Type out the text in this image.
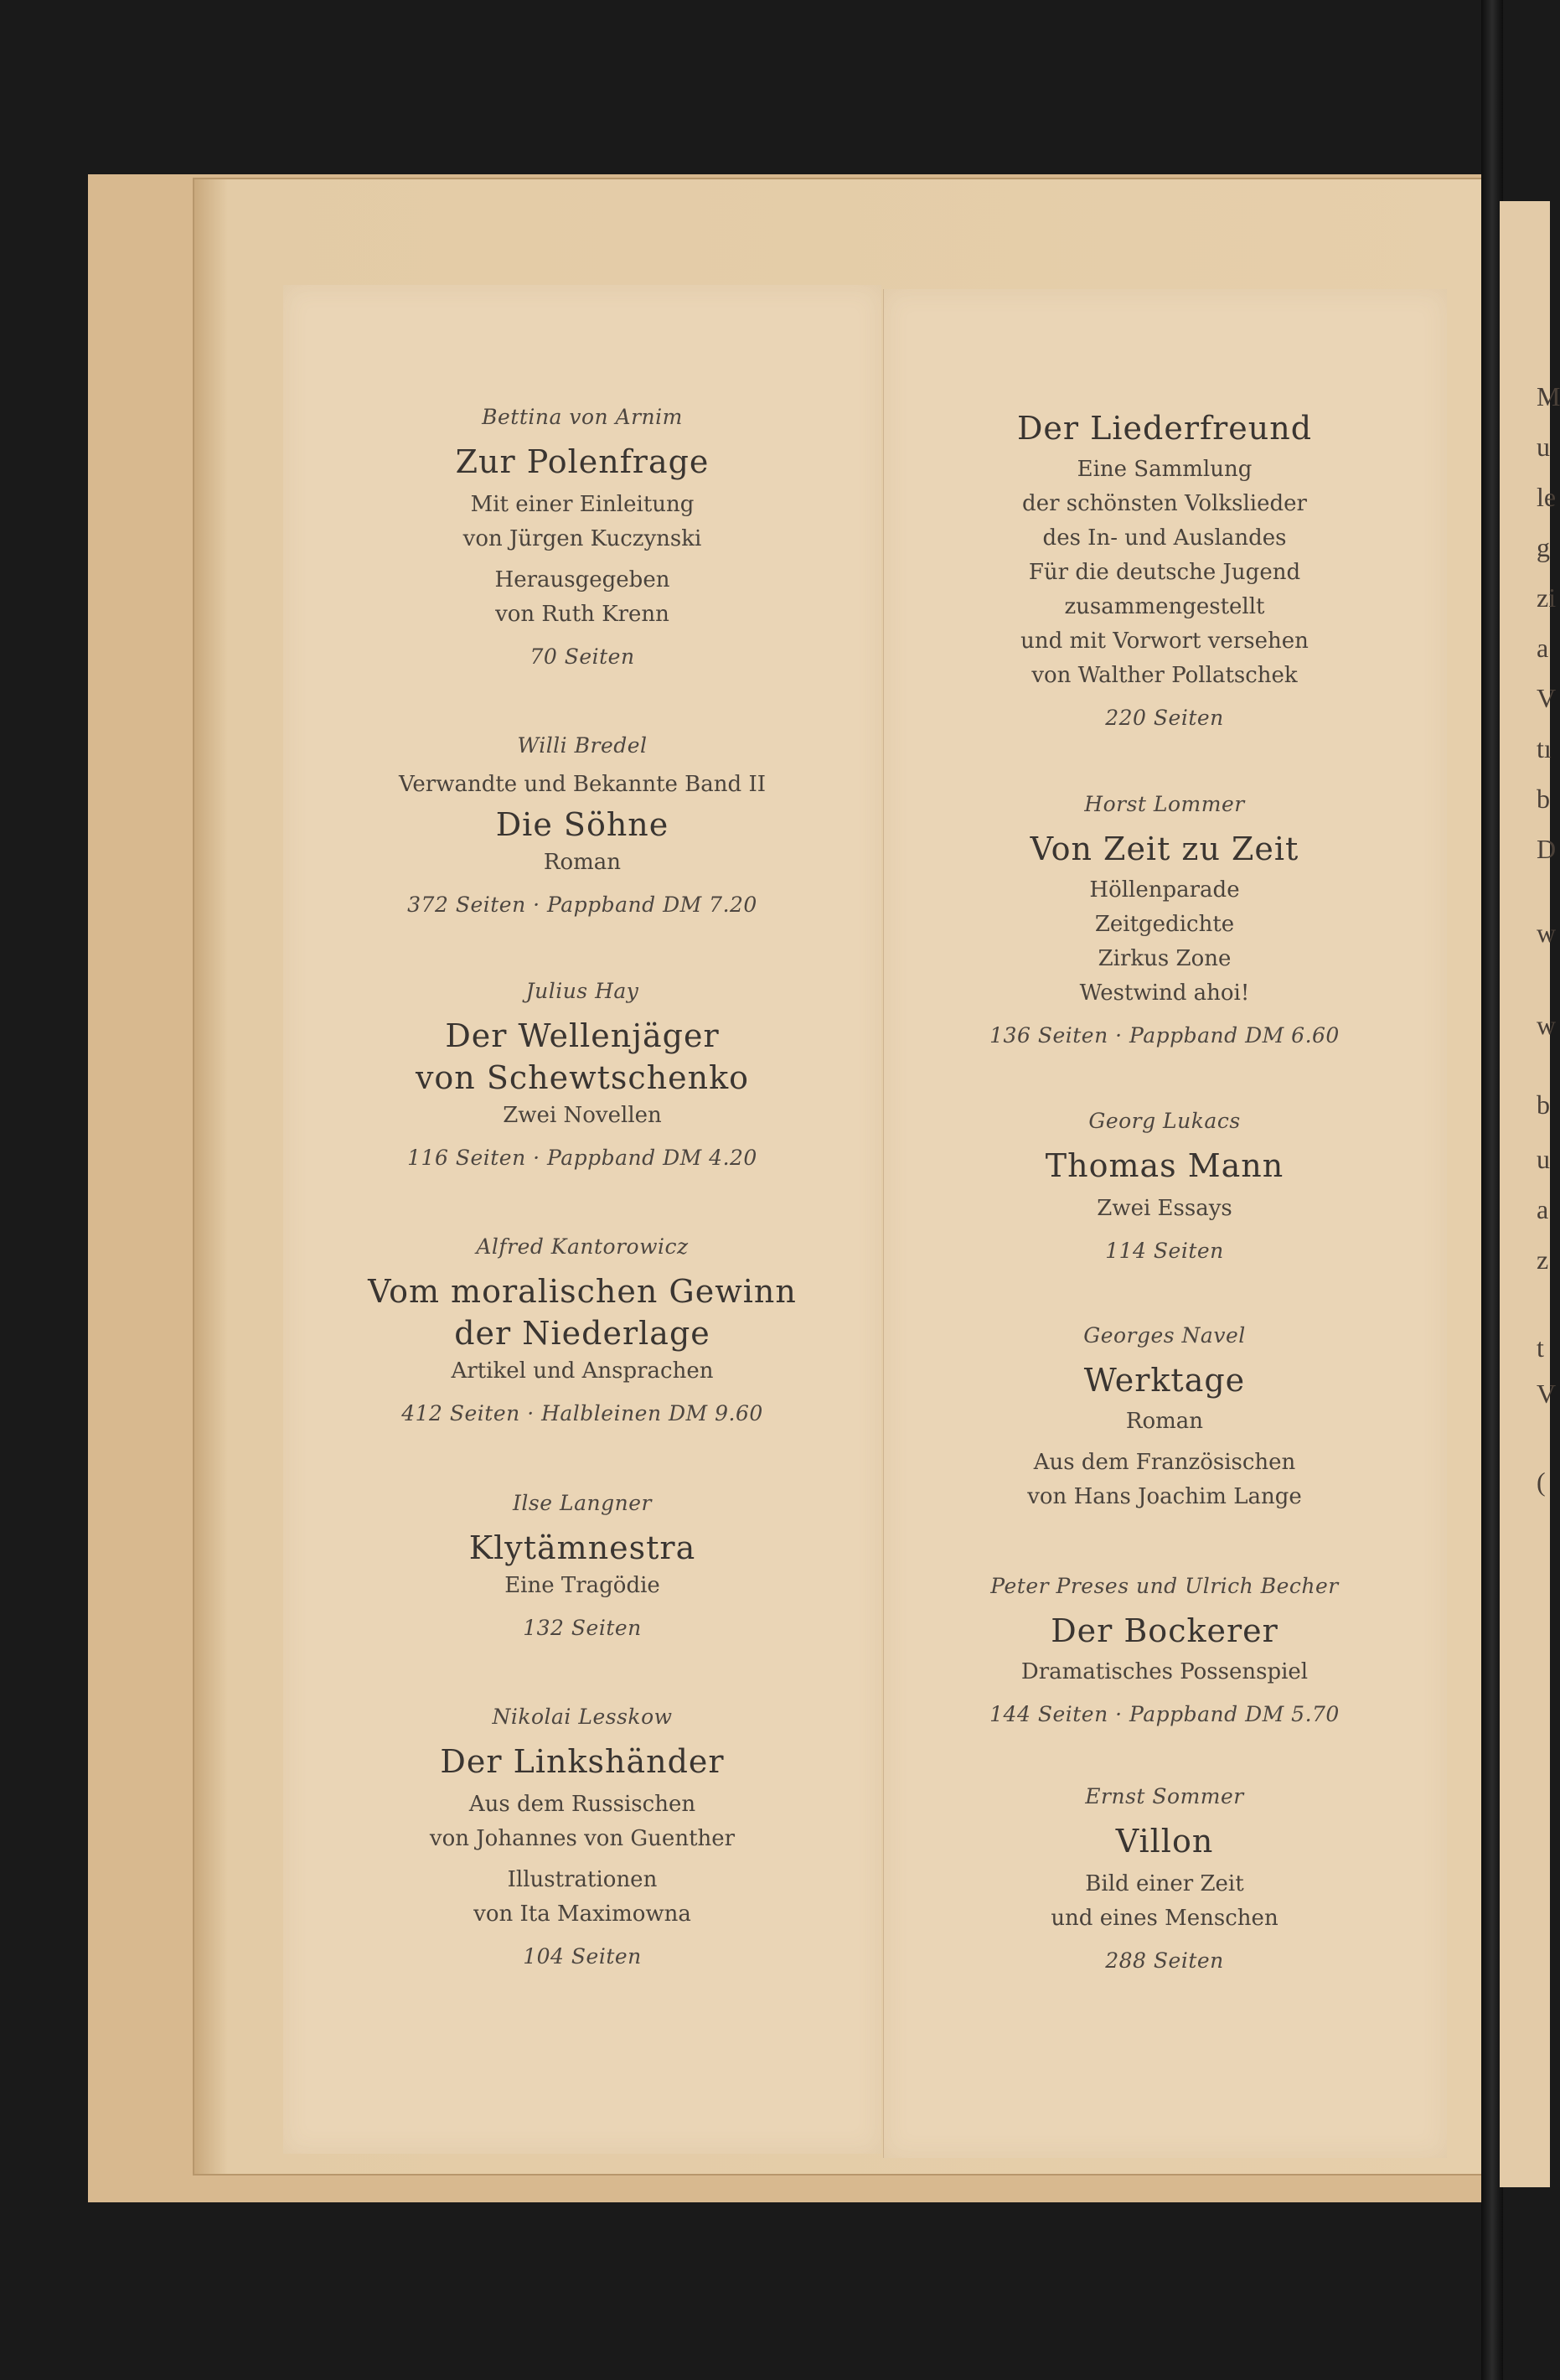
M
u
le
g
zi
a
V
tı
b
D
w
w
b
u
a
z
t
V
(
Bettina von Arnim
Zur Polenfrage
Mit einer Einleitung
von Jürgen Kuczynski
Herausgegeben
von Ruth Krenn
70 Seiten
Willi Bredel
Verwandte und Bekannte Band II
Die Söhne
Roman
372 Seiten · Pappband DM 7.20
Julius Hay
Der Wellenjäger
von Schewtschenko
Zwei Novellen
116 Seiten · Pappband DM 4.20
Alfred Kantorowicz
Vom moralischen Gewinn
der Niederlage
Artikel und Ansprachen
412 Seiten · Halbleinen DM 9.60
Ilse Langner
Klytämnestra
Eine Tragödie
132 Seiten
Nikolai Lesskow
Der Linkshänder
Aus dem Russischen
von Johannes von Guenther
Illustrationen
von Ita Maximowna
104 Seiten
Der Liederfreund
Eine Sammlung
der schönsten Volkslieder
des In- und Auslandes
Für die deutsche Jugend
zusammengestellt
und mit Vorwort versehen
von Walther Pollatschek
220 Seiten
Horst Lommer
Von Zeit zu Zeit
Höllenparade
Zeitgedichte
Zirkus Zone
Westwind ahoi!
136 Seiten · Pappband DM 6.60
Georg Lukacs
Thomas Mann
Zwei Essays
114 Seiten
Georges Navel
Werktage
Roman
Aus dem Französischen
von Hans Joachim Lange
Peter Preses und Ulrich Becher
Der Bockerer
Dramatisches Possenspiel
144 Seiten · Pappband DM 5.70
Ernst Sommer
Villon
Bild einer Zeit
und eines Menschen
288 Seiten
